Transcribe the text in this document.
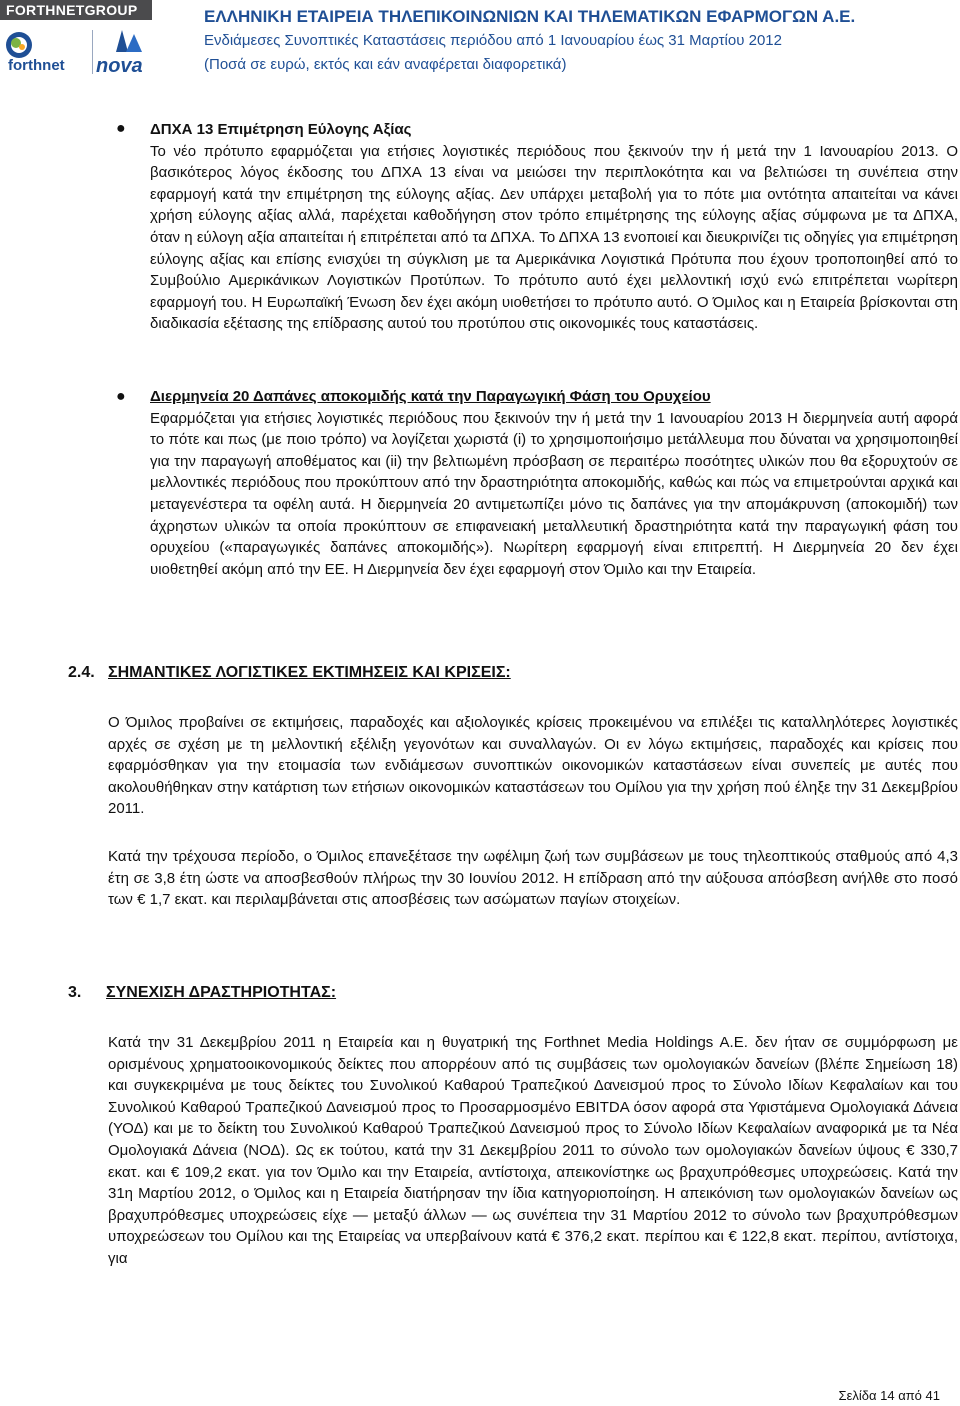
FORTHNETGROUP
forthnet nova
ΕΛΛΗΝΙΚΗ ΕΤΑΙΡΕΙΑ ΤΗΛΕΠΙΚΟΙΝΩΝΙΩΝ ΚΑΙ ΤΗΛΕΜΑΤΙΚΩΝ ΕΦΑΡΜΟΓΩΝ Α.Ε.
Ενδιάμεσες Συνοπτικές Καταστάσεις περιόδου από 1 Ιανουαρίου έως 31 Μαρτίου 2012
(Ποσά σε ευρώ, εκτός και εάν αναφέρεται διαφορετικά)
● ΔΠΧΑ 13 Επιμέτρηση Εύλογης Αξίας
Το νέο πρότυπο εφαρμόζεται για ετήσιες λογιστικές περιόδους που ξεκινούν την ή μετά την 1 Ιανουαρίου 2013. Ο βασικότερος λόγος έκδοσης του ΔΠΧΑ 13 είναι να μειώσει την περιπλοκότητα και να βελτιώσει τη συνέπεια στην εφαρμογή κατά την επιμέτρηση της εύλογης αξίας. Δεν υπάρχει μεταβολή για το πότε μια οντότητα απαιτείται να κάνει χρήση εύλογης αξίας αλλά, παρέχεται καθοδήγηση στον τρόπο επιμέτρησης της εύλογης αξίας σύμφωνα με τα ΔΠΧΑ, όταν η εύλογη αξία απαιτείται ή επιτρέπεται από τα ΔΠΧΑ. Το ΔΠΧΑ 13 ενοποιεί και διευκρινίζει τις οδηγίες για επιμέτρηση εύλογης αξίας και επίσης ενισχύει τη σύγκλιση με τα Αμερικάνικα Λογιστικά Πρότυπα που έχουν τροποποιηθεί από το Συμβούλιο Αμερικάνικων Λογιστικών Προτύπων. Το πρότυπο αυτό έχει μελλοντική ισχύ ενώ επιτρέπεται νωρίτερη εφαρμογή του. Η Ευρωπαϊκή Ένωση δεν έχει ακόμη υιοθετήσει το πρότυπο αυτό. Ο Όμιλος και η Εταιρεία βρίσκονται στη διαδικασία εξέτασης της επίδρασης αυτού του προτύπου στις οικονομικές τους καταστάσεις.
● Διερμηνεία 20 Δαπάνες αποκομιδής κατά την Παραγωγική Φάση του Ορυχείου
Εφαρμόζεται για ετήσιες λογιστικές περιόδους που ξεκινούν την ή μετά την 1 Ιανουαρίου 2013 Η διερμηνεία αυτή αφορά το πότε και πως (με ποιο τρόπο) να λογίζεται χωριστά (i) το χρησιμοποιήσιμο μετάλλευμα που δύναται να χρησιμοποιηθεί για την παραγωγή αποθέματος και (ii) την βελτιωμένη πρόσβαση σε περαιτέρω ποσότητες υλικών που θα εξορυχτούν σε μελλοντικές περιόδους που προκύπτουν από την δραστηριότητα αποκομιδής, καθώς και πώς να επιμετρούνται αρχικά και μεταγενέστερα τα οφέλη αυτά. Η διερμηνεία 20 αντιμετωπίζει μόνο τις δαπάνες για την απομάκρυνση (αποκομιδή) των άχρηστων υλικών τα οποία προκύπτουν σε επιφανειακή μεταλλευτική δραστηριότητα κατά την παραγωγική φάση του ορυχείου («παραγωγικές δαπάνες αποκομιδής»). Νωρίτερη εφαρμογή είναι επιτρεπτή. Η Διερμηνεία 20 δεν έχει υιοθετηθεί ακόμη από την ΕΕ. Η Διερμηνεία δεν έχει εφαρμογή στον Όμιλο και την Εταιρεία.
2.4. ΣΗΜΑΝΤΙΚΕΣ ΛΟΓΙΣΤΙΚΕΣ ΕΚΤΙΜΗΣΕΙΣ ΚΑΙ ΚΡΙΣΕΙΣ:

Ο Όμιλος προβαίνει σε εκτιμήσεις, παραδοχές και αξιολογικές κρίσεις προκειμένου να επιλέξει τις καταλληλότερες λογιστικές αρχές σε σχέση με τη μελλοντική εξέλιξη γεγονότων και συναλλαγών. Οι εν λόγω εκτιμήσεις, παραδοχές και κρίσεις που εφαρμόσθηκαν για την ετοιμασία των ενδιάμεσων συνοπτικών οικονομικών καταστάσεων είναι συνεπείς με αυτές που ακολουθήθηκαν στην κατάρτιση των ετήσιων οικονομικών καταστάσεων του Ομίλου για την χρήση πού έληξε την 31 Δεκεμβρίου 2011.

Κατά την τρέχουσα περίοδο, ο Όμιλος επανεξέτασε την ωφέλιμη ζωή των συμβάσεων με τους τηλεοπτικούς σταθμούς από 4,3 έτη σε 3,8 έτη ώστε να αποσβεσθούν πλήρως την 30 Ιουνίου 2012. Η επίδραση από την αύξουσα απόσβεση ανήλθε στο ποσό των € 1,7 εκατ. και περιλαμβάνεται στις αποσβέσεις των ασώματων παγίων στοιχείων.

3. ΣΥΝΕΧΙΣΗ ΔΡΑΣΤΗΡΙΟΤΗΤΑΣ:

Κατά την 31 Δεκεμβρίου 2011 η Εταιρεία και η θυγατρική της Forthnet Media Holdings A.E. δεν ήταν σε συμμόρφωση με ορισμένους χρηματοοικονομικούς δείκτες που απορρέουν από τις συμβάσεις των ομολογιακών δανείων (βλέπε Σημείωση 18) και συγκεκριμένα με τους δείκτες του Συνολικού Καθαρού Τραπεζικού Δανεισμού προς το Σύνολο Ιδίων Κεφαλαίων και του Συνολικού Καθαρού Τραπεζικού Δανεισμού προς το Προσαρμοσμένο EBITDA όσον αφορά στα Υφιστάμενα Ομολογιακά Δάνεια (ΥΟΔ) και με το δείκτη του Συνολικού Καθαρού Τραπεζικού Δανεισμού προς το Σύνολο Ιδίων Κεφαλαίων αναφορικά με τα Νέα Ομολογιακά Δάνεια (ΝΟΔ). Ως εκ τούτου, κατά την 31 Δεκεμβρίου 2011 το σύνολο των ομολογιακών δανείων ύψους € 330,7 εκατ. και € 109,2 εκατ. για τον Όμιλο και την Εταιρεία, αντίστοιχα, απεικονίστηκε ως βραχυπρόθεσμες υποχρεώσεις. Κατά την 31η Μαρτίου 2012, ο Όμιλος και η Εταιρεία διατήρησαν την ίδια κατηγοριοποίηση. Η απεικόνιση των ομολογιακών δανείων ως βραχυπρόθεσμες υποχρεώσεις είχε — μεταξύ άλλων — ως συνέπεια την 31 Μαρτίου 2012 το σύνολο των βραχυπρόθεσμων υποχρεώσεων του Ομίλου και της Εταιρείας να υπερβαίνουν κατά € 376,2 εκατ. περίπου και € 122,8 εκατ. περίπου, αντίστοιχα, για

Σελίδα 14 από 41
